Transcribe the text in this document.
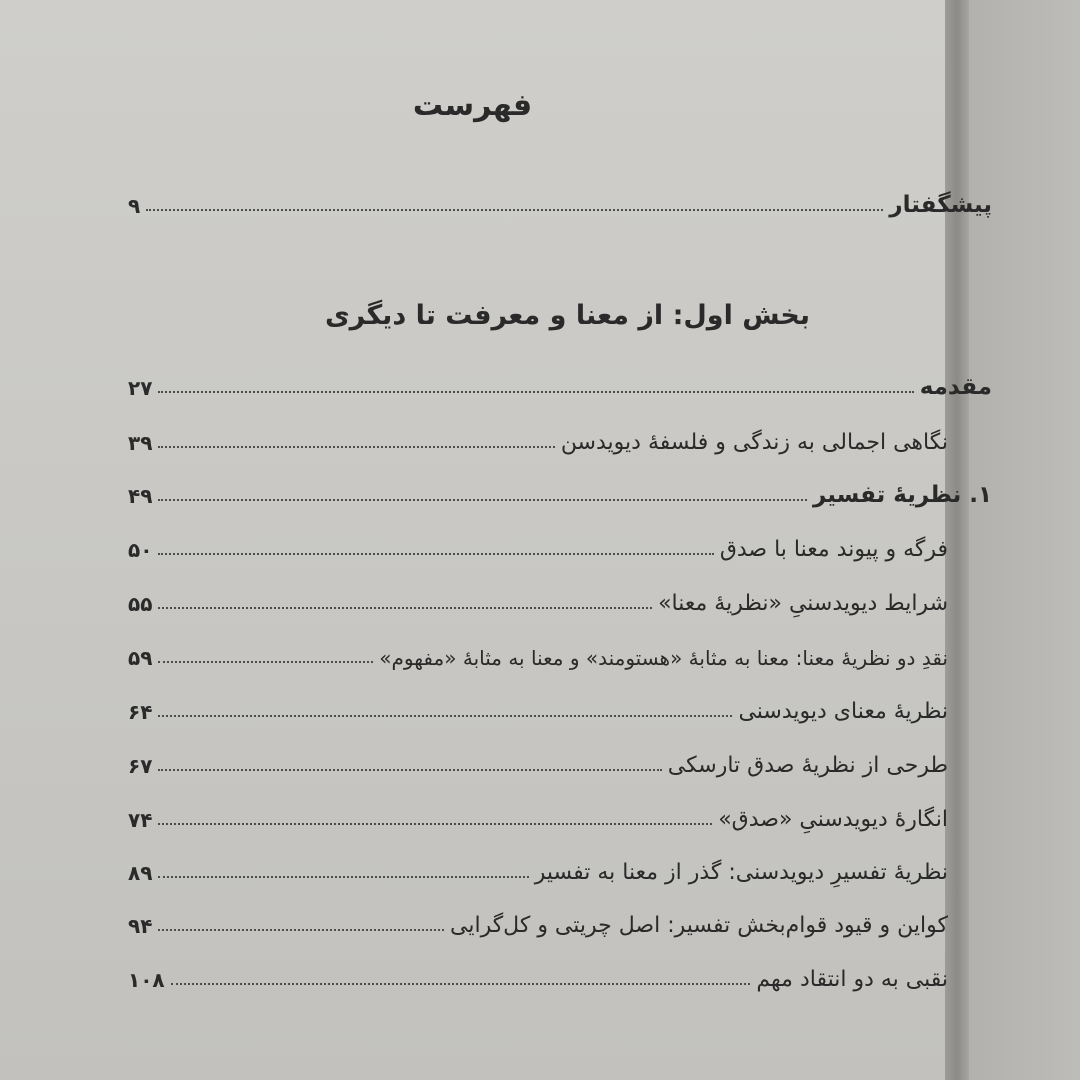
فهرست
پیشگفتار
۹
بخش اول: از معنا و معرفت تا دیگری
مقدمه
۲۷
نگاهی اجمالی به زندگی و فلسفهٔ دیویدسن
۳۹
۱. نظریهٔ تفسیر
۴۹
فرگه و پیوند معنا با صدق
۵۰
شرایط دیویدسنیِ «نظریهٔ معنا»
۵۵
نقدِ دو نظریهٔ معنا: معنا به مثابهٔ «هستومند» و معنا به مثابهٔ «مفهوم»
۵۹
نظریهٔ معنای دیویدسنی
۶۴
طرحی از نظریهٔ صدق تارسکی
۶۷
انگارهٔ دیویدسنیِ «صدق»
۷۴
نظریهٔ تفسیرِ دیویدسنی: گذر از معنا به تفسیر
۸۹
کواین و قیود قوام‌بخش تفسیر: اصل چریتی و کل‌گرایی
۹۴
نقبی به دو انتقاد مهم
۱۰۸
